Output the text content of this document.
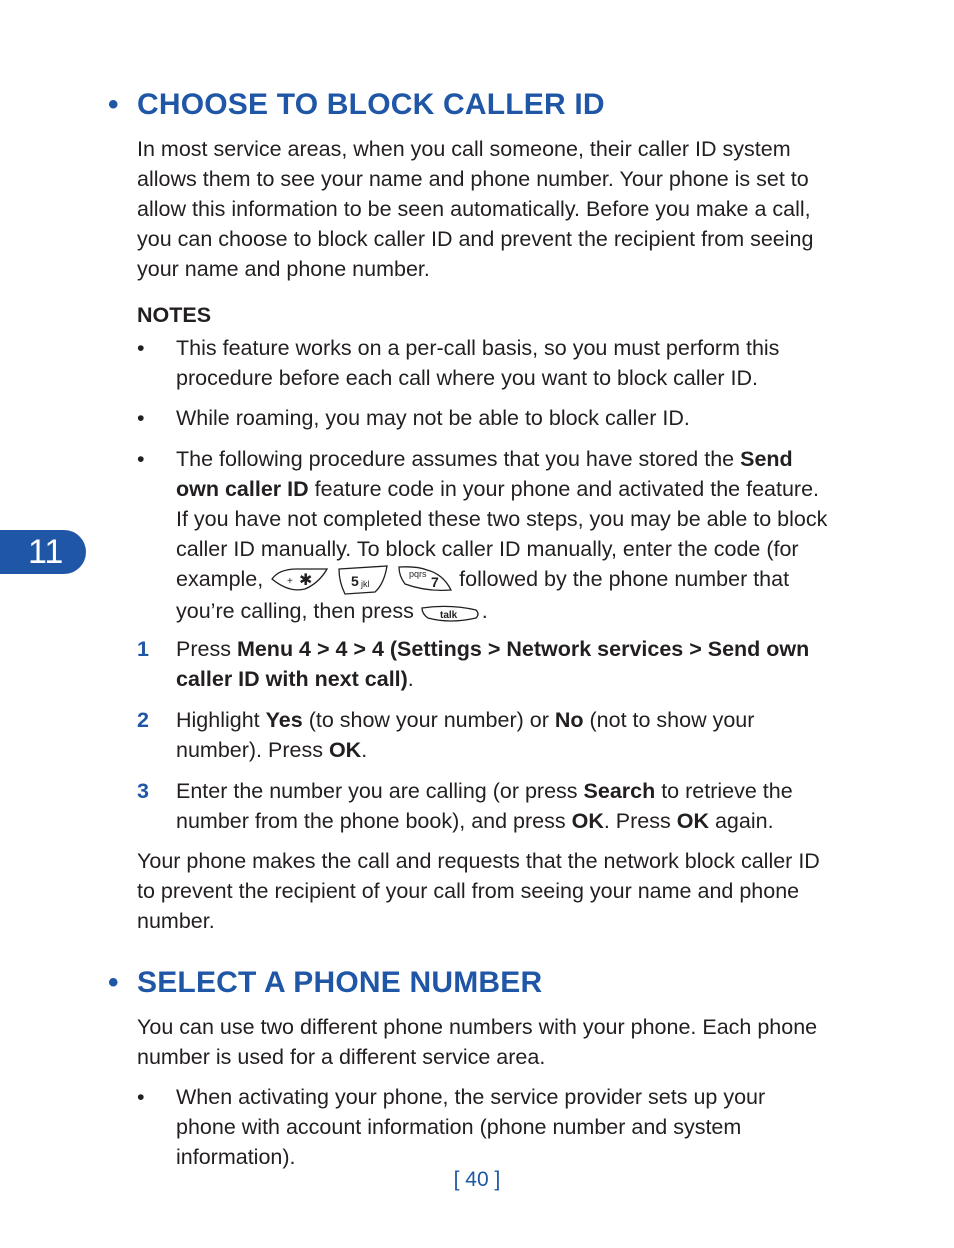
11
• CHOOSE TO BLOCK CALLER ID

In most service areas, when you call someone, their caller ID system allows them to see your name and phone number. Your phone is set to allow this information to be seen automatically. Before you make a call, you can choose to block caller ID and prevent the recipient from seeing your name and phone number.

NOTES

•	This feature works on a per-call basis, so you must perform this procedure before each call where you want to block caller ID.
•	While roaming, you may not be able to block caller ID.
•	The following procedure assumes that you have stored the Send own caller ID feature code in your phone and activated the feature. If you have not completed these two steps, you may be able to block caller ID manually. To block caller ID manually, enter the code (for example, + ✱
	5 jkl

pqrs 7 followed by the phone number that you’re calling, then press talk .
1	Press Menu 4 > 4 > 4 (Settings > Network services > Send own caller ID with next call).
2	Highlight Yes (to show your number) or No (not to show your number). Press OK.
3	Enter the number you are calling (or press Search to retrieve the number from the phone book), and press OK. Press OK again.

Your phone makes the call and requests that the network block caller ID to prevent the recipient of your call from seeing your name and phone number.

• SELECT A PHONE NUMBER

You can use two different phone numbers with your phone. Each phone number is used for a different service area.

•	When activating your phone, the service provider sets up your phone with account information (phone number and system information).
[ 40 ]
